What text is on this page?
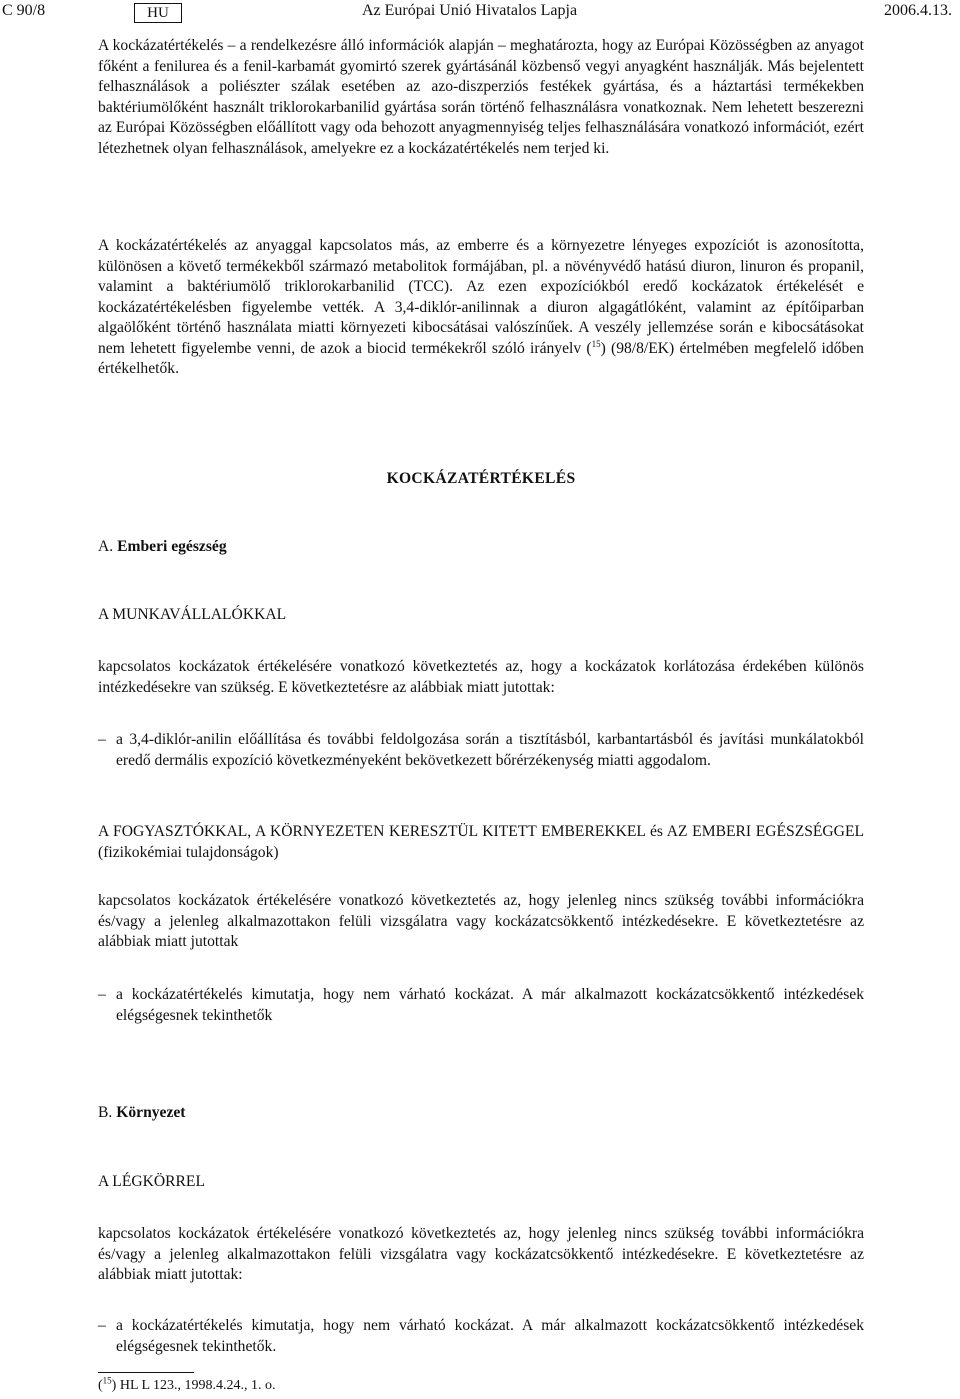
C 90/8	HU	Az Európai Unió Hivatalos Lapja	2006.4.13.

A kockázatértékelés – a rendelkezésre álló információk alapján – meghatározta, hogy az Európai Közösségben az anyagot főként a fenilurea és a fenil-karbamát gyomirtó szerek gyártásánál közbenső vegyi anyagként használják. Más bejelentett felhasználások a poliészter szálak esetében az azo-diszperziós festékek gyártása, és a háztartási termékekben baktériumölőként használt triklorokarbanilid gyártása során történő felhasználásra vonatkoznak. Nem lehetett beszerezni az Európai Közösségben előállított vagy oda behozott anyagmennyiség teljes felhasználására vonatkozó információt, ezért létezhetnek olyan felhasználások, amelyekre ez a kockázatértékelés nem terjed ki.

A kockázatértékelés az anyaggal kapcsolatos más, az emberre és a környezetre lényeges expozíciót is azonosította, különösen a követő termékekből származó metabolitok formájában, pl. a növényvédő hatású diuron, linuron és propanil, valamint a baktériumölő triklorokarbanilid (TCC). Az ezen expozíciókból eredő kockázatok értékelését e kockázatértékelésben figyelembe vették. A 3,4-diklór-anilinnak a diuron algagátlóként, valamint az építőiparban algaölőként történő használata miatti környezeti kibocsátásai valószínűek. A veszély jellemzése során e kibocsátásokat nem lehetett figyelembe venni, de azok a biocid termékekről szóló irányelv ($^{15}$) (98/8/EK) értelmében megfelelő időben értékelhetők.

KOCKÁZATÉRTÉKELÉS
A. Emberi egészség

A MUNKAVÁLLALÓKKAL

kapcsolatos kockázatok értékelésére vonatkozó következtetés az, hogy a kockázatok korlátozása érdekében különös intézkedésekre van szükség. E következtetésre az alábbiak miatt jutottak:

– a 3,4-diklór-anilin előállítása és további feldolgozása során a tisztításból, karbantartásból és javítási munkálatokból eredő dermális expozíció következményeként bekövetkezett bőrérzékenység miatti aggodalom.

A FOGYASZTÓKKAL, A KÖRNYEZETEN KERESZTÜL KITETT EMBEREKKEL és AZ EMBERI EGÉSZSÉGGEL (fizikokémiai tulajdonságok)

kapcsolatos kockázatok értékelésére vonatkozó következtetés az, hogy jelenleg nincs szükség további információkra és/vagy a jelenleg alkalmazottakon felüli vizsgálatra vagy kockázatcsökkentő intézkedésekre. E következtetésre az alábbiak miatt jutottak

– a kockázatértékelés kimutatja, hogy nem várható kockázat. A már alkalmazott kockázatcsökkentő intézkedések elégségesnek tekinthetők
B. Környezet

A LÉGKÖRREL

kapcsolatos kockázatok értékelésére vonatkozó következtetés az, hogy jelenleg nincs szükség további információkra és/vagy a jelenleg alkalmazottakon felüli vizsgálatra vagy kockázatcsökkentő intézkedésekre. E következtetésre az alábbiak miatt jutottak:

– a kockázatértékelés kimutatja, hogy nem várható kockázat. A már alkalmazott kockázatcsökkentő intézkedések elégségesnek tekinthetők.
($^{15}$) HL L 123., 1998.4.24., 1. o.
